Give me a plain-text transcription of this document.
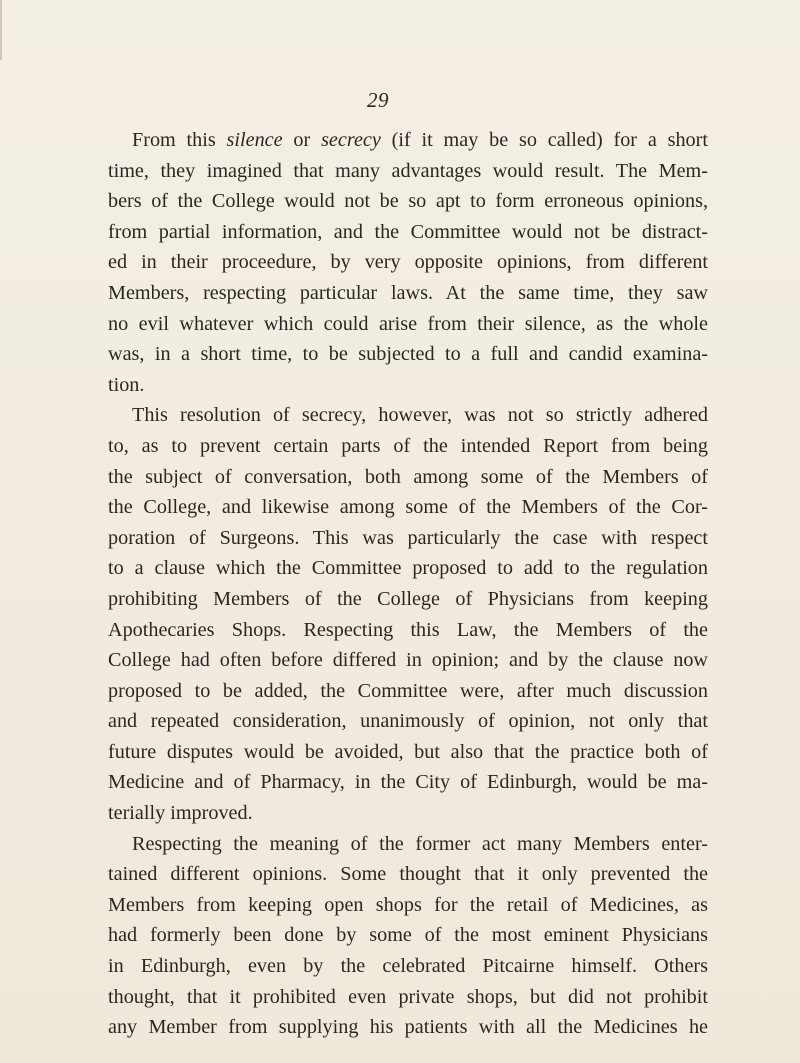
29
From this silence or secrecy (if it may be so called) for a short
time, they imagined that many advantages would result. The Mem-
bers of the College would not be so apt to form erroneous opinions,
from partial information, and the Committee would not be distract-
ed in their proceedure, by very opposite opinions, from different
Members, respecting particular laws. At the same time, they saw
no evil whatever which could arise from their silence, as the whole
was, in a short time, to be subjected to a full and candid examina-
tion.
This resolution of secrecy, however, was not so strictly adhered
to, as to prevent certain parts of the intended Report from being
the subject of conversation, both among some of the Members of
the College, and likewise among some of the Members of the Cor-
poration of Surgeons. This was particularly the case with respect
to a clause which the Committee proposed to add to the regulation
prohibiting Members of the College of Physicians from keeping
Apothecaries Shops. Respecting this Law, the Members of the
College had often before differed in opinion; and by the clause now
proposed to be added, the Committee were, after much discussion
and repeated consideration, unanimously of opinion, not only that
future disputes would be avoided, but also that the practice both of
Medicine and of Pharmacy, in the City of Edinburgh, would be ma-
terially improved.
Respecting the meaning of the former act many Members enter-
tained different opinions. Some thought that it only prevented the
Members from keeping open shops for the retail of Medicines, as
had formerly been done by some of the most eminent Physicians
in Edinburgh, even by the celebrated Pitcairne himself. Others
thought, that it prohibited even private shops, but did not prohibit
any Member from supplying his patients with all the Medicines he
